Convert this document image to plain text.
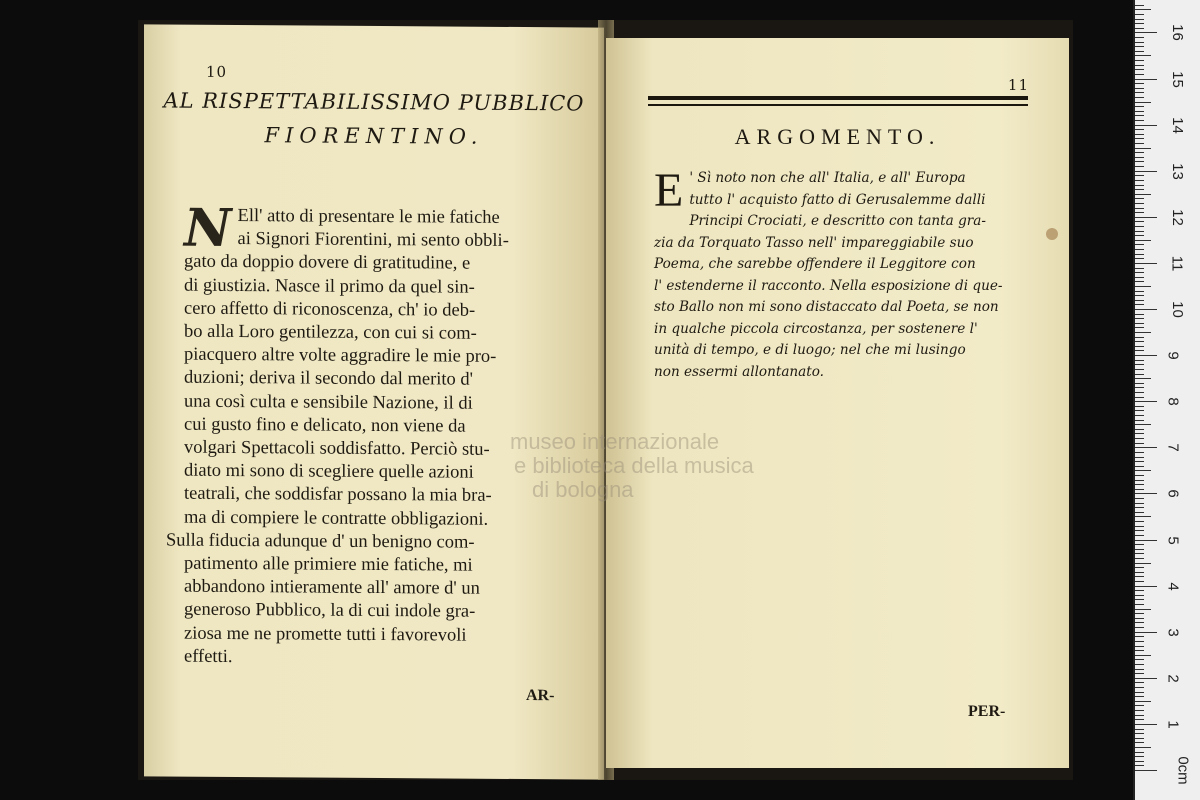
10
AL RISPETTABILISSIMO PUBBLICO
FIORENTINO.
N Ell' atto di presentare le mie fatiche

ai Signori Fiorentini, mi sento obbli-

gato da doppio dovere di gratitudine, e

di giustizia. Nasce il primo da quel sin-

cero affetto di riconoscenza, ch' io deb-

bo alla Loro gentilezza, con cui si com-

piacquero altre volte aggradire le mie pro-

duzioni; deriva il secondo dal merito d'

una così culta e sensibile Nazione, il di

cui gusto fino e delicato, non viene da

volgari Spettacoli soddisfatto. Perciò stu-

diato mi sono di scegliere quelle azioni

teatrali, che soddisfar possano la mia bra-

ma di compiere le contratte obbligazioni.

Sulla fiducia adunque d' un benigno com-

patimento alle primiere mie fatiche, mi

abbandono intieramente all' amore d' un

generoso Pubblico, la di cui indole gra-

ziosa me ne promette tutti i favorevoli

effetti.

AR-
11
ARGOMENTO.
E ' Sì noto non che all' Italia, e all' Europa

tutto l' acquisto fatto di Gerusalemme dalli

Principi Crociati, e descritto con tanta gra-

zia da Torquato Tasso nell' impareggiabile suo

Poema, che sarebbe offendere il Leggitore con

l' estenderne il racconto. Nella esposizione di que-

sto Ballo non mi sono distaccato dal Poeta, se non

in qualche piccola circostanza, per sostenere l'

unità di tempo, e di luogo; nel che mi lusingo

non essermi allontanato.

PER-
museo internazionale
e biblioteca della musica
di bologna
0cm
1
2
3
4
5
6
7
8
9
10
11
12
13
14
15
16
